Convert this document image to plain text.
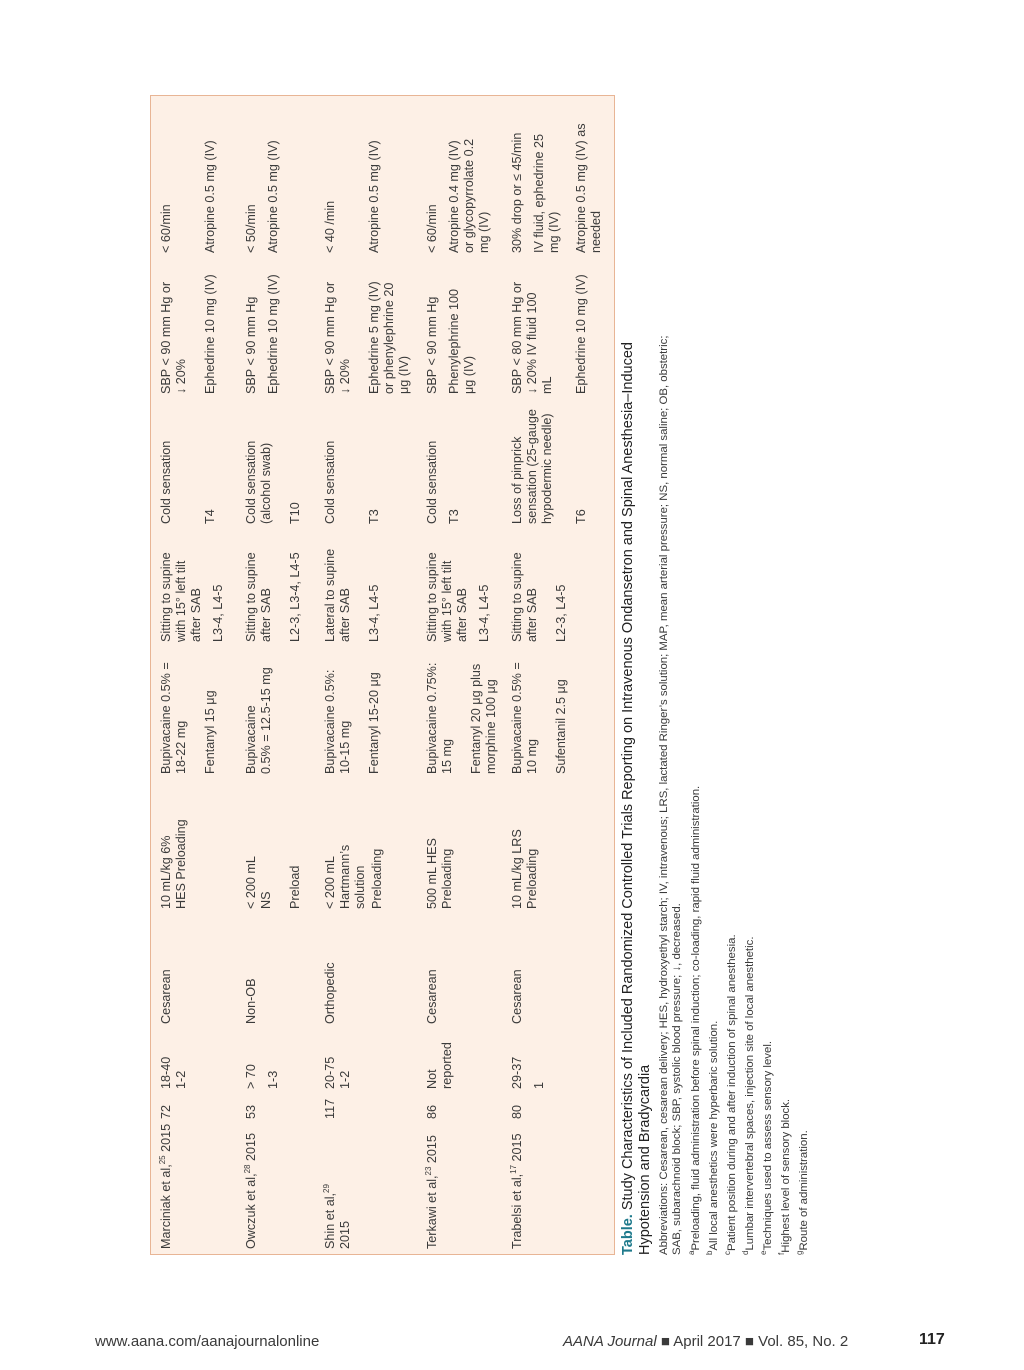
Marciniak et al,$^{25}$ 2015
72
18-40 1-2
Cesarean
10 mL/kg 6%
HES Preloading
Bupivacaine 0.5% =
18-22 mg Fentanyl 15 μg
Sitting to supine
with 15° left tilt
after SAB L3-4, L4-5
Cold sensation T4
SBP < 90 mm Hg or
↓ 20% Ephedrine 10 mg (IV)
< 60/min Atropine 0.5 mg (IV)
Owczuk et al,$^{28}$ 2015
53
> 70 1-3
Non-OB
< 200 mL
NS Preload
Bupivacaine
0.5% = 12.5-15 mg
Sitting to supine
after SAB L2-3, L3-4, L4-5
Cold sensation
(alcohol swab)
T10
SBP < 90 mm Hg Ephedrine 10 mg (IV)
< 50/min Atropine 0.5 mg (IV)
Shin et al,$^{29}$
2015
117
20-75 1-2
Orthopedic
< 200 mL
Hartmann’s
solution Preloading
Bupivacaine 0.5%:
10-15 mg Fentanyl 15-20 μg
Lateral to supine
after SAB L3-4, L4-5
Cold sensation T3
SBP < 90 mm Hg or
↓ 20% Ephedrine 5 mg (IV)
or phenylephrine 20
μg (IV)
< 40 /min Atropine 0.5 mg (IV)
Terkawi et al,$^{23}$ 2015
86
Not
reported
Cesarean
500 mL HES
Preloading
Bupivacaine 0.75%:
15 mg Fentanyl 20 μg plus
morphine 100 μg
Sitting to supine
with 15° left tilt
after SAB L3-4, L4-5
Cold sensation T3
SBP < 90 mm Hg Phenylephrine 100
μg (IV)
< 60/min Atropine 0.4 mg (IV)
or glycopyrrolate 0.2
mg (IV)
Trabelsi et al,$^{17}$ 2015
80
29-37 1
Cesarean
10 mL/kg LRS
Preloading
Bupivacaine 0.5% =
10 mg Sufentanil 2.5 μg
Sitting to supine
after SAB L2-3, L4-5
Loss of pinprick
sensation (25-gauge
hypodermic needle)
T6
SBP < 80 mm Hg or
↓ 20% IV fluid 100
mL Ephedrine 10 mg (IV)
30% drop or ≤ 45/min IV fluid, ephedrine 25
mg (IV) Atropine 0.5 mg (IV) as
needed
Table. Study Characteristics of Included Randomized Controlled Trials Reporting on Intravenous Ondansetron and Spinal Anesthesia–Induced Hypotension and Bradycardia Abbreviations: Cesarean, cesarean delivery; HES, hydroxyethyl starch; IV, intravenous; LRS, lactated Ringer’s solution; MAP, mean arterial pressure; NS, normal saline; OB, obstetric; SAB, subarachnoid block; SBP, systolic blood pressure; ↓, decreased. $^a$Preloading, fluid administration before spinal induction; co-loading, rapid fluid administration.
$^b$All local anesthetics were hyperbaric solution.
$^c$Patient position during and after induction of spinal anesthesia.
$^d$Lumbar intervertebral spaces, injection site of local anesthetic.
$^e$Techniques used to assess sensory level.
$^f$Highest level of sensory block.
$^g$Route of administration.
www.aana.com/aanajournalonline	AANA Journal ■ April 2017 ■ Vol. 85, No. 2	117
